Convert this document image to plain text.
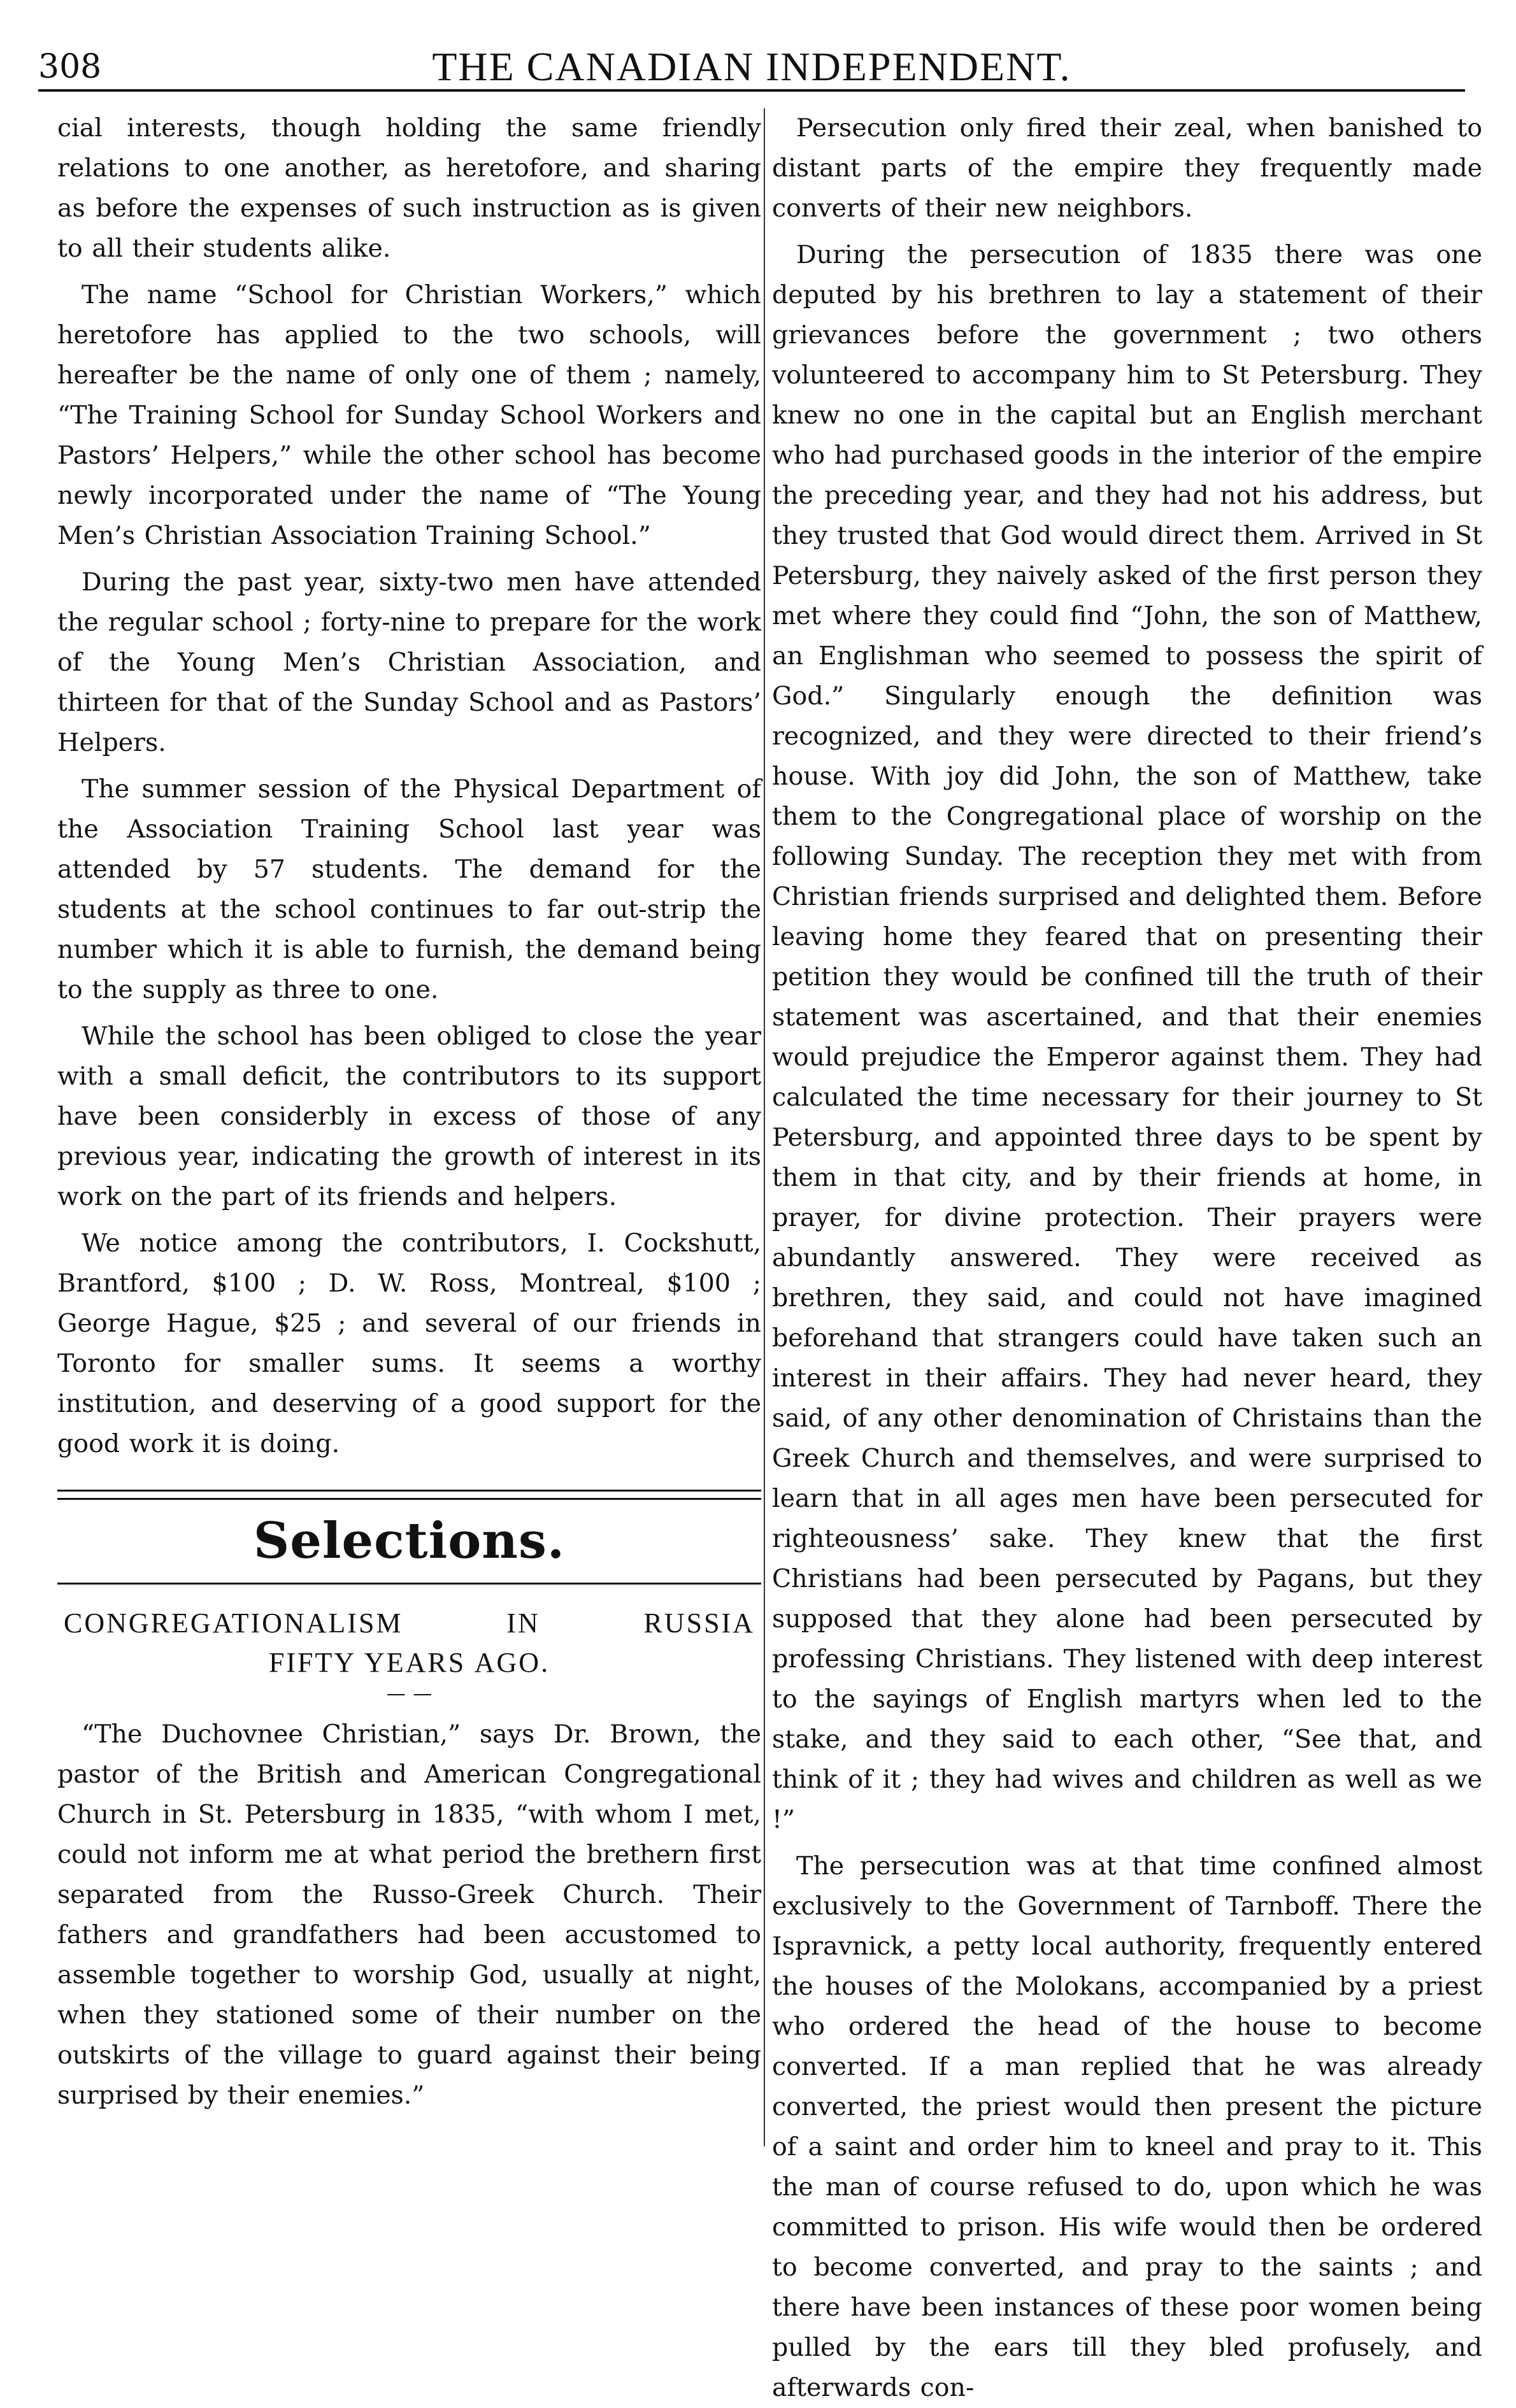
308	THE CANADIAN INDEPENDENT.

cial interests, though holding the same friendly relations to one another, as heretofore, and sharing as before the expenses of such instruction as is given to all their students alike.

The name “School for Christian Workers,” which heretofore has applied to the two schools, will hereafter be the name of only one of them ; namely, “The Training School for Sunday School Workers and Pastors’ Helpers,” while the other school has become newly incorporated under the name of “The Young Men’s Christian Association Training School.”

During the past year, sixty-two men have attended the regular school ; forty-nine to prepare for the work of the Young Men’s Christian Association, and thirteen for that of the Sunday School and as Pastors’ Helpers.

The summer session of the Physical Department of the Association Training School last year was attended by 57 students. The demand for the students at the school continues to far out-strip the number which it is able to furnish, the demand being to the supply as three to one.

While the school has been obliged to close the year with a small deficit, the contributors to its support have been considerbly in excess of those of any previous year, indicating the growth of interest in its work on the part of its friends and helpers.

We notice among the contributors, I. Cockshutt, Brantford, $100 ; D. W. Ross, Montreal, $100 ; George Hague, $25 ; and several of our friends in Toronto for smaller sums. It seems a worthy institution, and deserving of a good support for the good work it is doing.

Selections.
CONGREGATIONALISM IN RUSSIA
FIFTY YEARS AGO.
— —

“The Duchovnee Christian,” says Dr. Brown, the pastor of the British and American Congregational Church in St. Petersburg in 1835, “with whom I met, could not inform me at what period the brethern first separated from the Russo-Greek Church. Their fathers and grandfathers had been accustomed to assemble together to worship God, usually at night, when they stationed some of their number on the outskirts of the village to guard against their being surprised by their enemies.”

Persecution only fired their zeal, when banished to distant parts of the empire they frequently made converts of their new neighbors.

During the persecution of 1835 there was one deputed by his brethren to lay a statement of their grievances before the government ; two others volunteered to accompany him to St Petersburg. They knew no one in the capital but an English merchant who had purchased goods in the interior of the empire the preceding year, and they had not his address, but they trusted that God would direct them. Arrived in St Petersburg, they naively asked of the first person they met where they could find “John, the son of Matthew, an Englishman who seemed to possess the spirit of God.” Singularly enough the definition was recognized, and they were directed to their friend’s house. With joy did John, the son of Matthew, take them to the Congregational place of worship on the following Sunday. The reception they met with from Christian friends surprised and delighted them. Before leaving home they feared that on presenting their petition they would be confined till the truth of their statement was ascertained, and that their enemies would prejudice the Emperor against them. They had calculated the time necessary for their journey to St Petersburg, and appointed three days to be spent by them in that city, and by their friends at home, in prayer, for divine protection. Their prayers were abundantly answered. They were received as brethren, they said, and could not have imagined beforehand that strangers could have taken such an interest in their affairs. They had never heard, they said, of any other denomination of Christains than the Greek Church and themselves, and were surprised to learn that in all ages men have been persecuted for righteousness’ sake. They knew that the first Christians had been persecuted by Pagans, but they supposed that they alone had been persecuted by professing Christians. They listened with deep interest to the sayings of English martyrs when led to the stake, and they said to each other, “See that, and think of it ; they had wives and children as well as we !”

The persecution was at that time confined almost exclusively to the Government of Tarnboff. There the Ispravnick, a petty local authority, frequently entered the houses of the Molokans, accompanied by a priest who ordered the head of the house to become converted. If a man replied that he was already converted, the priest would then present the picture of a saint and order him to kneel and pray to it. This the man of course refused to do, upon which he was committed to prison. His wife would then be ordered to become converted, and pray to the saints ; and there have been instances of these poor women being pulled by the ears till they bled profusely, and afterwards con-
